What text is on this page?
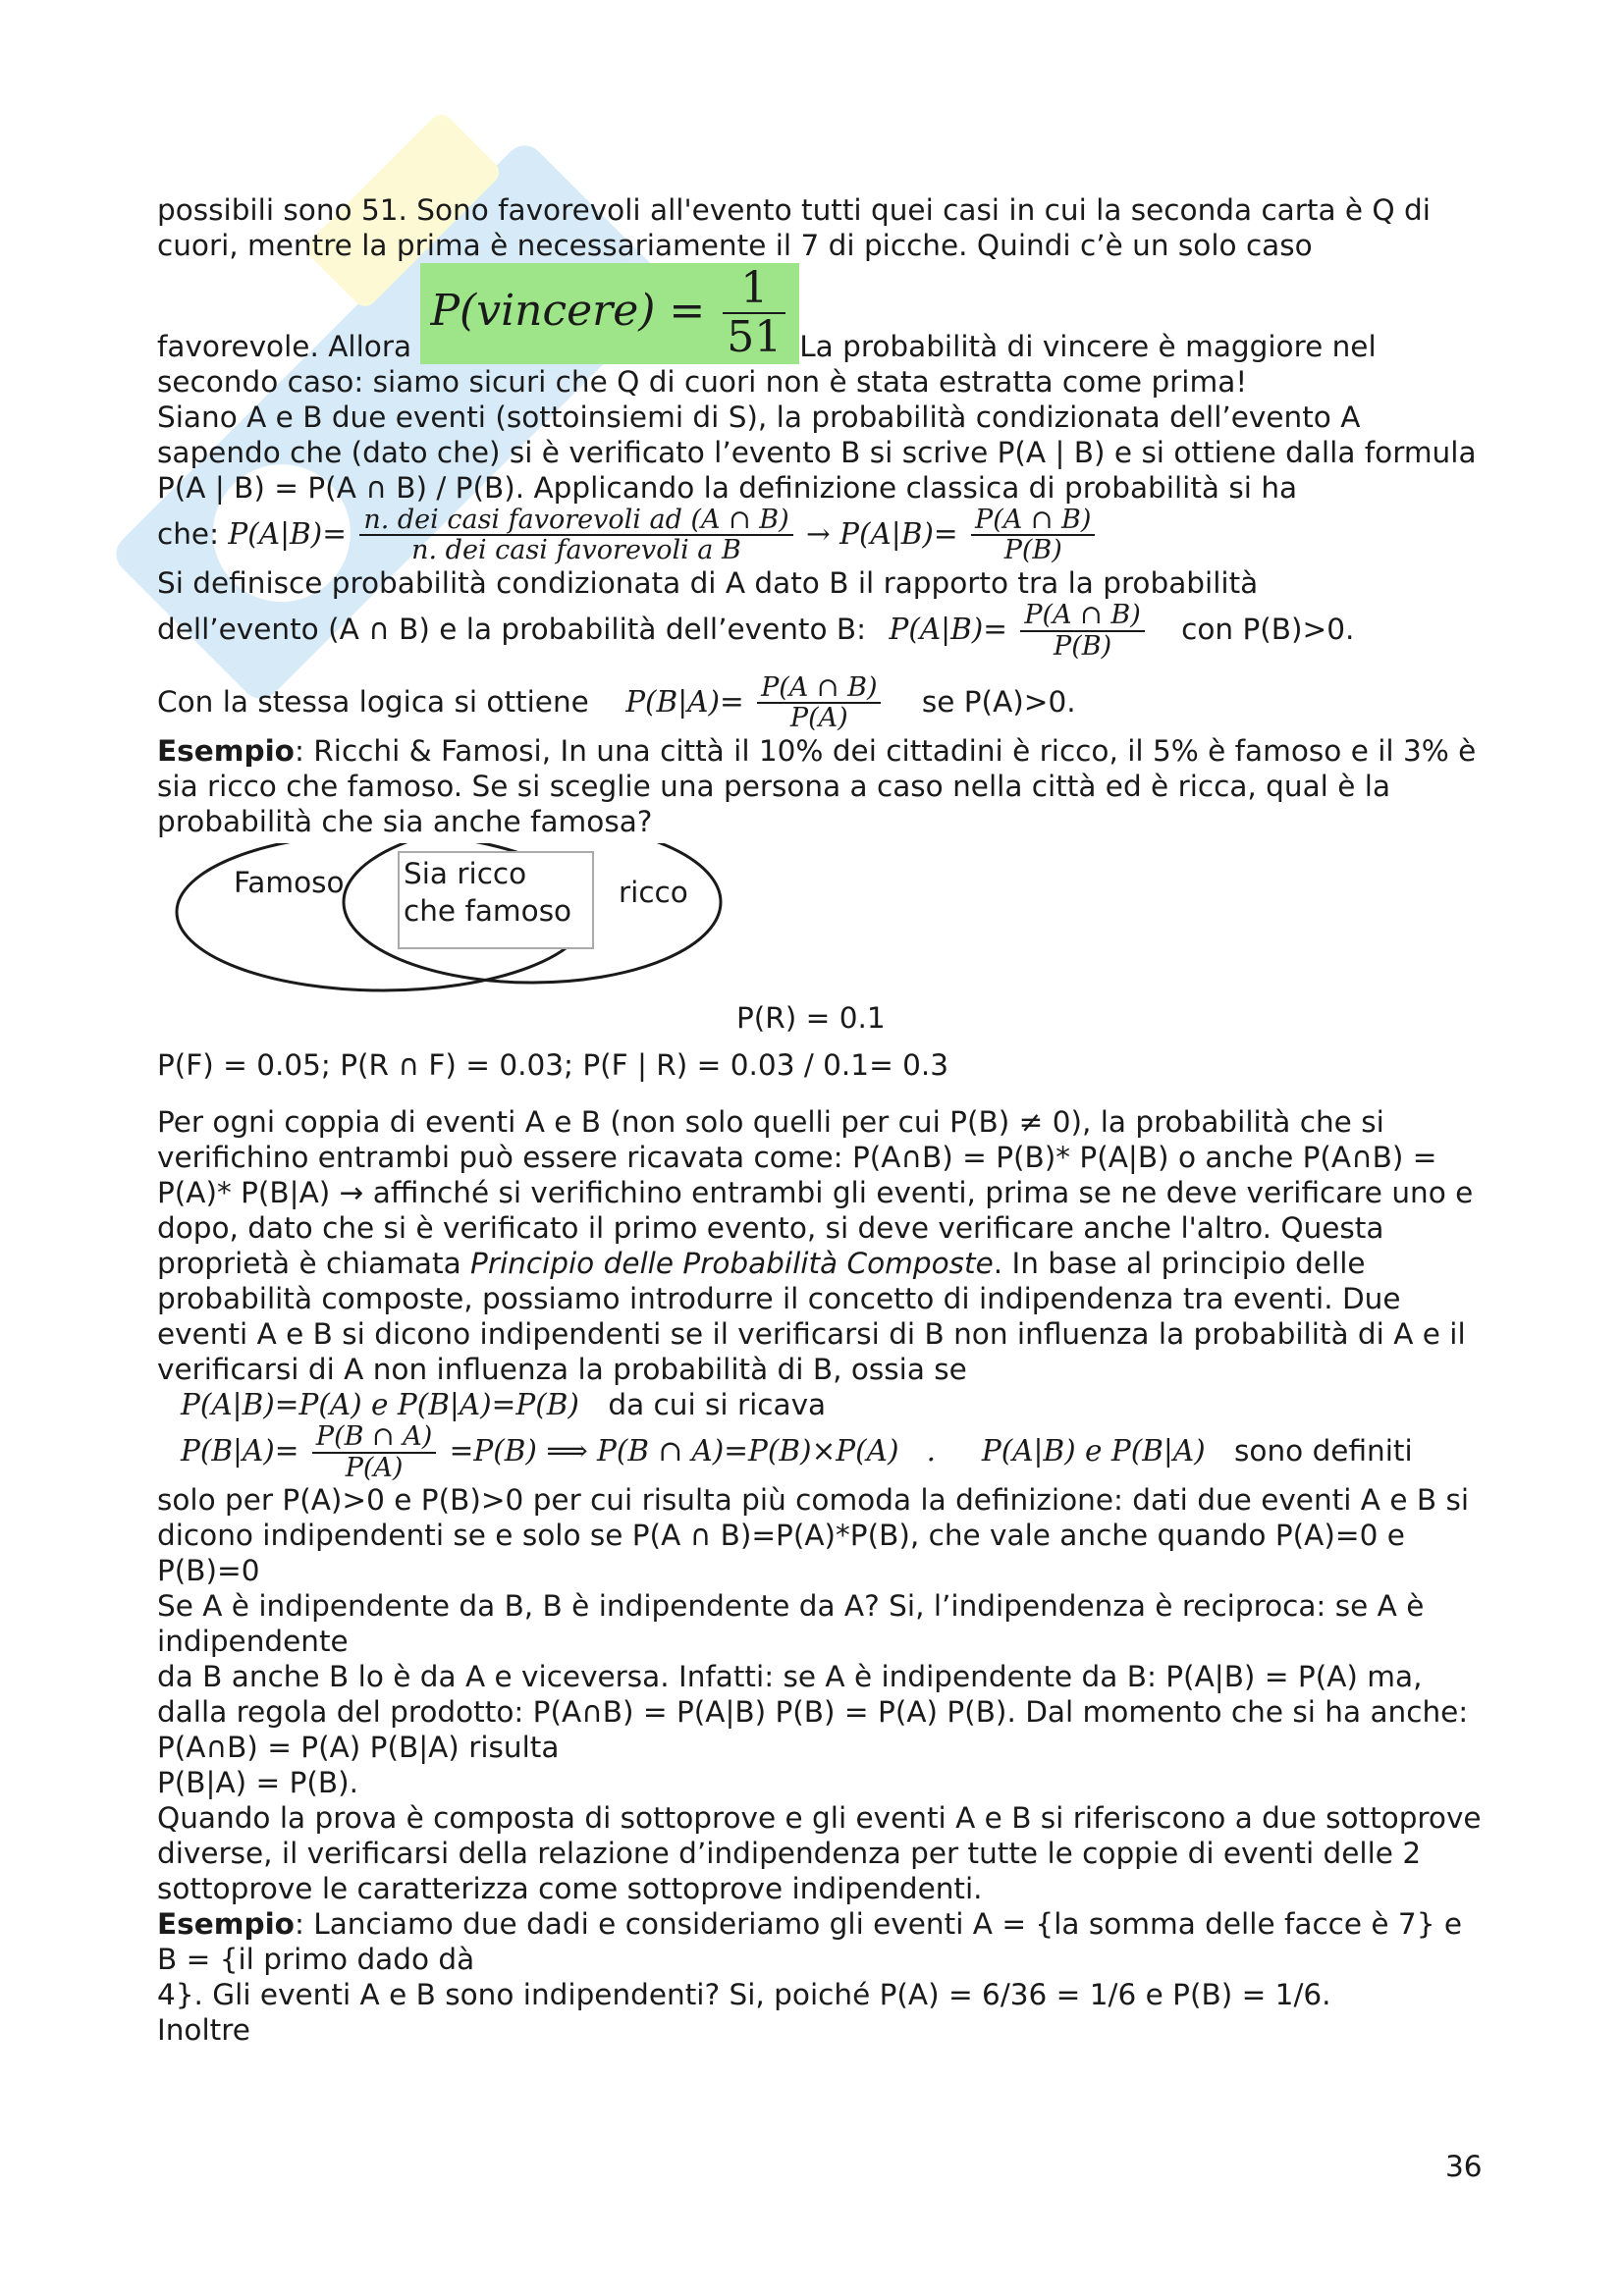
possibili sono 51. Sono favorevoli all'evento tutti quei casi in cui la seconda carta è Q di cuori, mentre la prima è necessariamente il 7 di picche. Quindi c’è un solo caso

favorevole. Allora P(vincere) = $\frac{1}{51}$ La probabilità di vincere è maggiore nel secondo caso: siamo sicuri che Q di cuori non è stata estratta come prima!

Siano A e B due eventi (sottoinsiemi di S), la probabilità condizionata dell’evento A sapendo che (dato che) si è verificato l’evento B si scrive P(A | B) e si ottiene dalla formula P(A | B) = P(A ∩ B) / P(B). Applicando la definizione classica di probabilità si ha

che: $P(A|B)= \frac{\text{n. dei casi favorevoli ad (A ∩ B)}}{\text{n. dei casi favorevoli a B}} \to P(A|B)= \frac{P(A \cap B)}{P(B)}$

Si definisce probabilità condizionata di A dato B il rapporto tra la probabilità

dell’evento (A ∩ B) e la probabilità dell’evento B: $P(A|B)= \frac{P(A \cap B)}{P(B)}$ con P(B)>0.

Con la stessa logica si ottiene $P(B|A)= \frac{P(A \cap B)}{P(A)}$ se P(A)>0.

Esempio: Ricchi & Famosi, In una città il 10% dei cittadini è ricco, il 5% è famoso e il 3% è sia ricco che famoso. Se si sceglie una persona a caso nella città ed è ricca, qual è la probabilità che sia anche famosa?

Famoso Sia ricco
che famoso
ricco

P(R) = 0.1

P(F) = 0.05; P(R ∩ F) = 0.03; P(F | R) = 0.03 / 0.1= 0.3

Per ogni coppia di eventi A e B (non solo quelli per cui P(B) ≠ 0), la probabilità che si verifichino entrambi può essere ricavata come: P(A∩B) = P(B)* P(A|B) o anche P(A∩B) = P(A)* P(B|A) → affinché si verifichino entrambi gli eventi, prima se ne deve verificare uno e dopo, dato che si è verificato il primo evento, si deve verificare anche l'altro. Questa proprietà è chiamata Principio delle Probabilità Composte. In base al principio delle probabilità composte, possiamo introdurre il concetto di indipendenza tra eventi. Due eventi A e B si dicono indipendenti se il verificarsi di B non influenza la probabilità di A e il verificarsi di A non influenza la probabilità di B, ossia se

P(A|B)=P(A) e P(B|A)=P(B) da cui si ricava

$P(B|A)= \frac{P(B \cap A)}{P(A)} =P(B)$ ⟹ P(B ∩ A)=P(B)×P(A)   .     P(A|B) e P(B|A) sono definiti

solo per P(A)>0 e P(B)>0 per cui risulta più comoda la definizione: dati due eventi A e B si dicono indipendenti se e solo se P(A ∩ B)=P(A)*P(B), che vale anche quando P(A)=0 e P(B)=0

Se A è indipendente da B, B è indipendente da A? Si, l’indipendenza è reciproca: se A è indipendente

da B anche B lo è da A e viceversa. Infatti: se A è indipendente da B: P(A|B) = P(A) ma, dalla regola del prodotto: P(A∩B) = P(A|B) P(B) = P(A) P(B). Dal momento che si ha anche: P(A∩B) = P(A) P(B|A) risulta

P(B|A) = P(B).

Quando la prova è composta di sottoprove e gli eventi A e B si riferiscono a due sottoprove diverse, il verificarsi della relazione d’indipendenza per tutte le coppie di eventi delle 2 sottoprove le caratterizza come sottoprove indipendenti.

Esempio: Lanciamo due dadi e consideriamo gli eventi A = {la somma delle facce è 7} e B = {il primo dado dà

4}. Gli eventi A e B sono indipendenti? Si, poiché P(A) = 6/36 = 1/6 e P(B) = 1/6.

Inoltre

36
